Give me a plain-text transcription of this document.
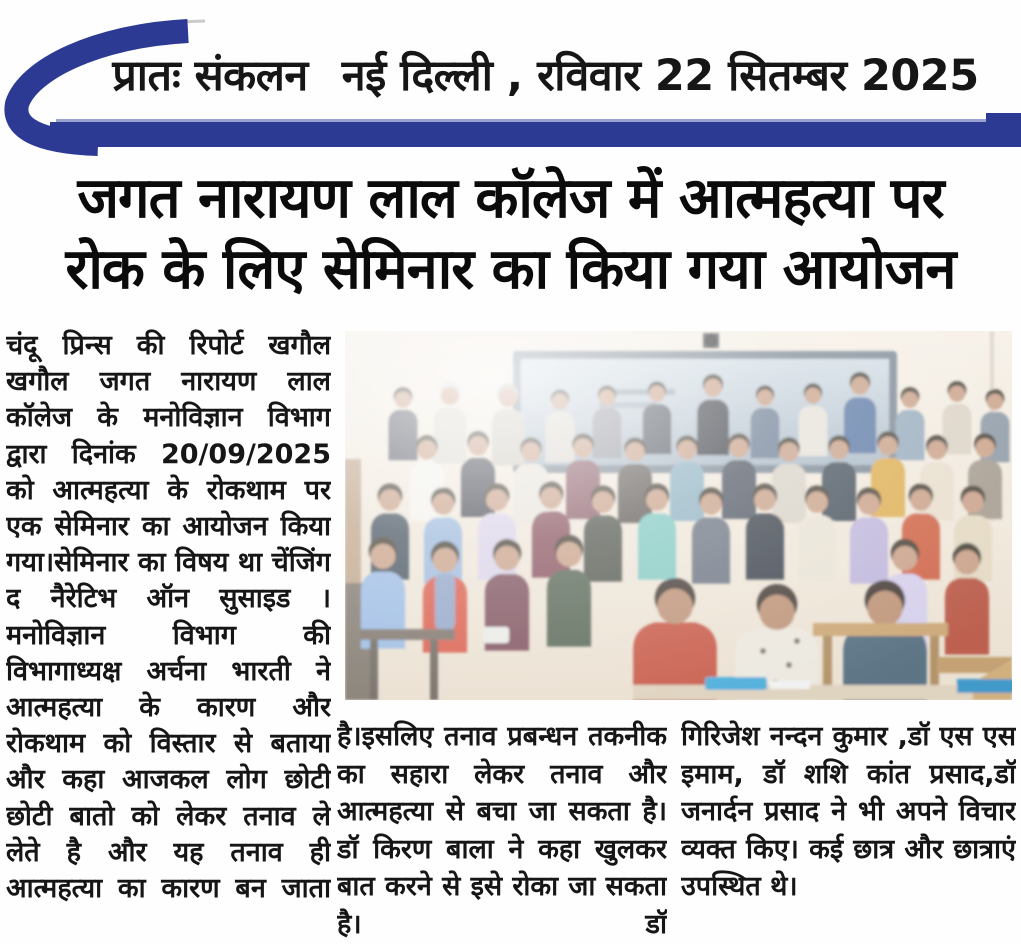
प्रातः संकलन नई दिल्ली , रविवार 22 सितम्बर 2025
जगत नारायण लाल कॉलेज में आत्महत्या पर
रोक के लिए सेमिनार का किया गया आयोजन
चंदू प्रिन्स की रिपोर्ट खगौल खगौल जगत नारायण लाल कॉलेज के मनोविज्ञान विभाग द्वारा दिनांक 20/09/2025 को आत्महत्या के रोकथाम पर एक सेमिनार का आयोजन किया गया।सेमिनार का विषय था चेंजिंग द नैरेटिभ ऑन सुसाइड । मनोविज्ञान विभाग की विभागाध्यक्ष अर्चना भारती ने आत्महत्या के कारण और रोकथाम को विस्तार से बताया और कहा आजकल लोग छोटी छोटी बातो को लेकर तनाव ले लेते है और यह तनाव ही आत्महत्या का कारण बन जाता
है।इसलिए तनाव प्रबन्धन तकनीक का सहारा लेकर तनाव और आत्महत्या से बचा जा सकता है। डॉ किरण बाला ने कहा खुलकर बात करने से इसे रोका जा सकता है। डॉ
गिरिजेश नन्दन कुमार ,डॉ एस एस इमाम, डॉ शशि कांत प्रसाद,डॉ जनार्दन प्रसाद ने भी अपने विचार व्यक्त किए। कई छात्र और छात्राएं उपस्थित थे।
